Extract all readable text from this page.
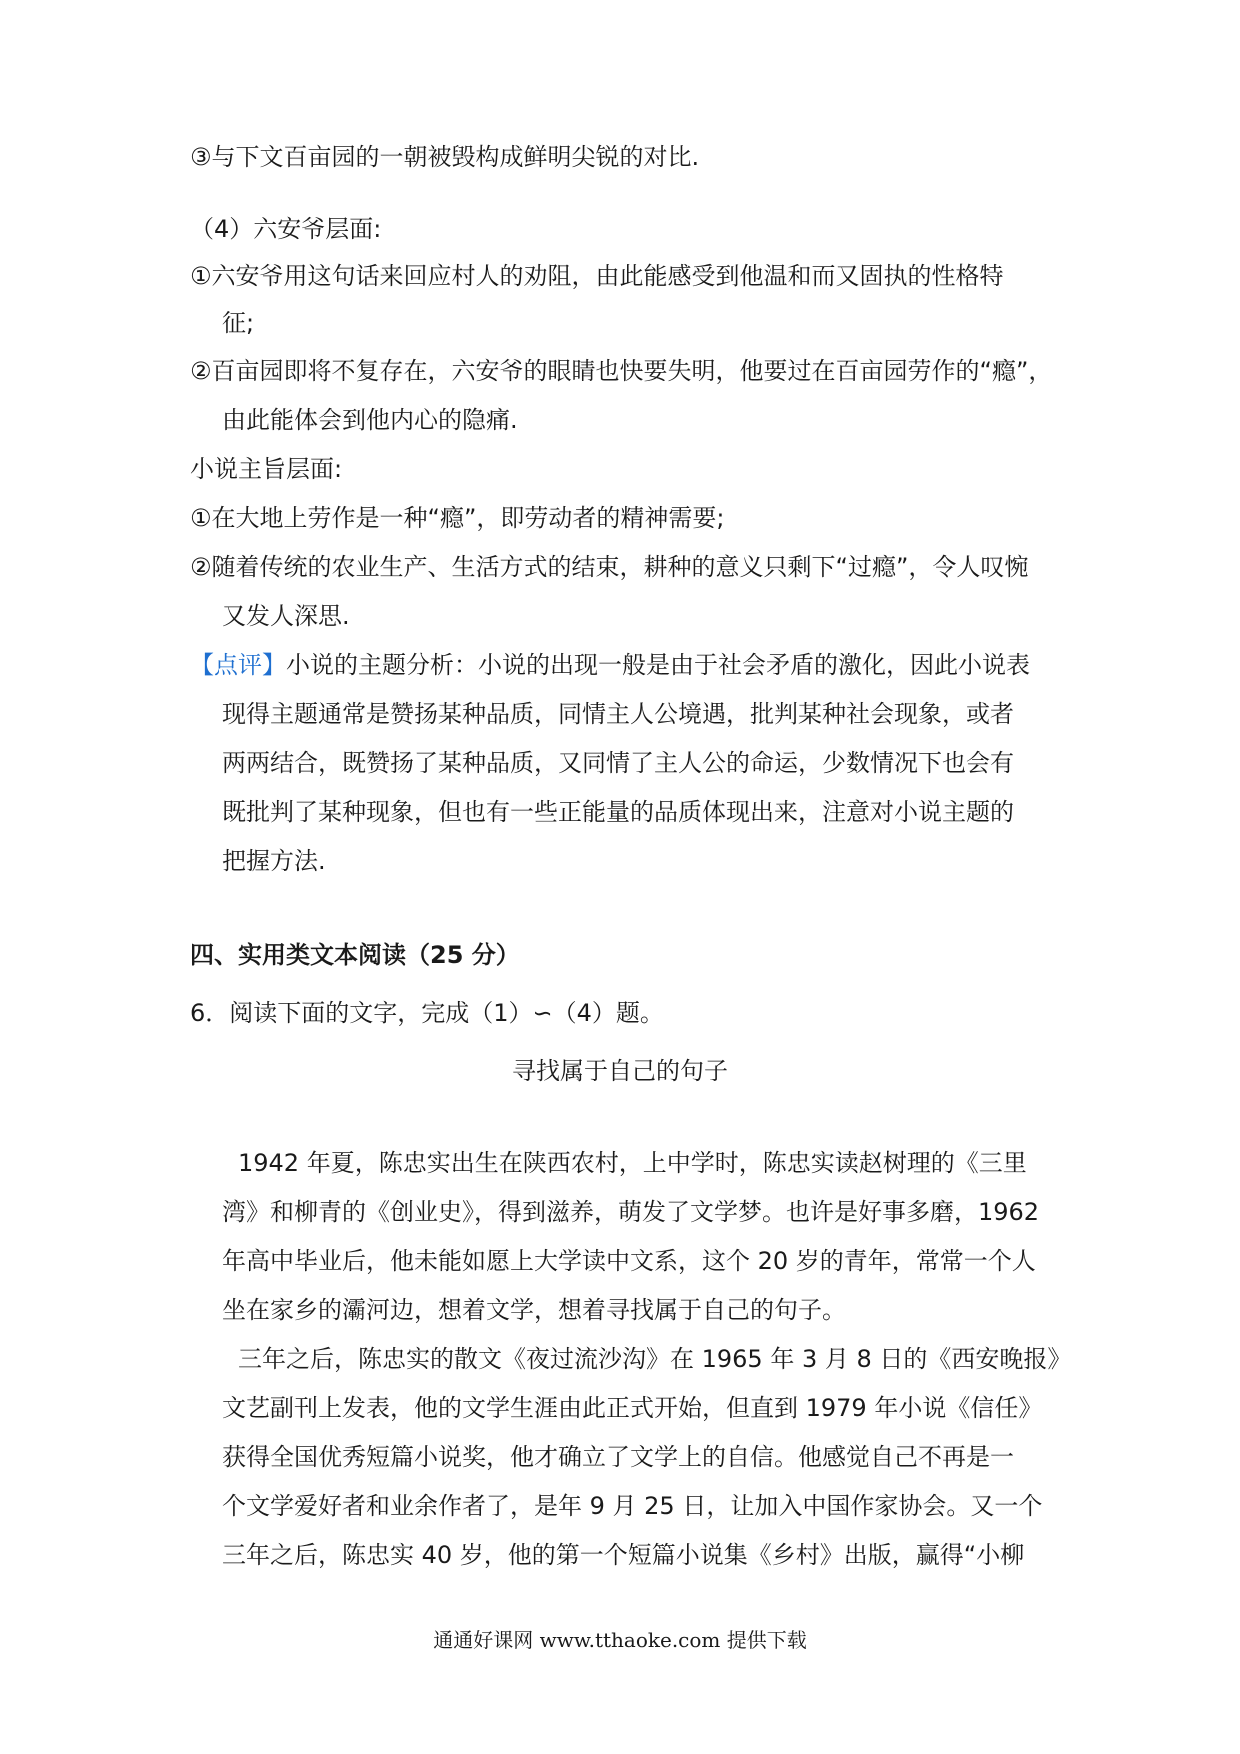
③与下文百亩园的一朝被毁构成鲜明尖锐的对比.
（4）六安爷层面:
①六安爷用这句话来回应村人的劝阻，由此能感受到他温和而又固执的性格特
征;
②百亩园即将不复存在，六安爷的眼睛也快要失明，他要过在百亩园劳作的“瘾”，
由此能体会到他内心的隐痛.
小说主旨层面:
①在大地上劳作是一种“瘾”，即劳动者的精神需要;
②随着传统的农业生产、生活方式的结束，耕种的意义只剩下“过瘾”，令人叹惋
又发人深思.
【点评】小说的主题分析：小说的出现一般是由于社会矛盾的激化，因此小说表
现得主题通常是赞扬某种品质，同情主人公境遇，批判某种社会现象，或者
两两结合，既赞扬了某种品质，又同情了主人公的命运，少数情况下也会有
既批判了某种现象，但也有一些正能量的品质体现出来，注意对小说主题的
把握方法.
四、实用类文本阅读（25 分）
6．阅读下面的文字，完成（1）∽（4）题。
寻找属于自己的句子
1942 年夏，陈忠实出生在陕西农村，上中学时，陈忠实读赵树理的《三里
湾》和柳青的《创业史》，得到滋养，萌发了文学梦。也许是好事多磨，1962
年高中毕业后，他未能如愿上大学读中文系，这个 20 岁的青年，常常一个人
坐在家乡的灞河边，想着文学，想着寻找属于自己的句子。
三年之后，陈忠实的散文《夜过流沙沟》在 1965 年 3 月 8 日的《西安晚报》
文艺副刊上发表，他的文学生涯由此正式开始，但直到 1979 年小说《信任》
获得全国优秀短篇小说奖，他才确立了文学上的自信。他感觉自己不再是一
个文学爱好者和业余作者了，是年 9 月 25 日，让加入中国作家协会。又一个
三年之后，陈忠实 40 岁，他的第一个短篇小说集《乡村》出版，赢得“小柳
通通好课网 www.tthaoke.com 提供下载
